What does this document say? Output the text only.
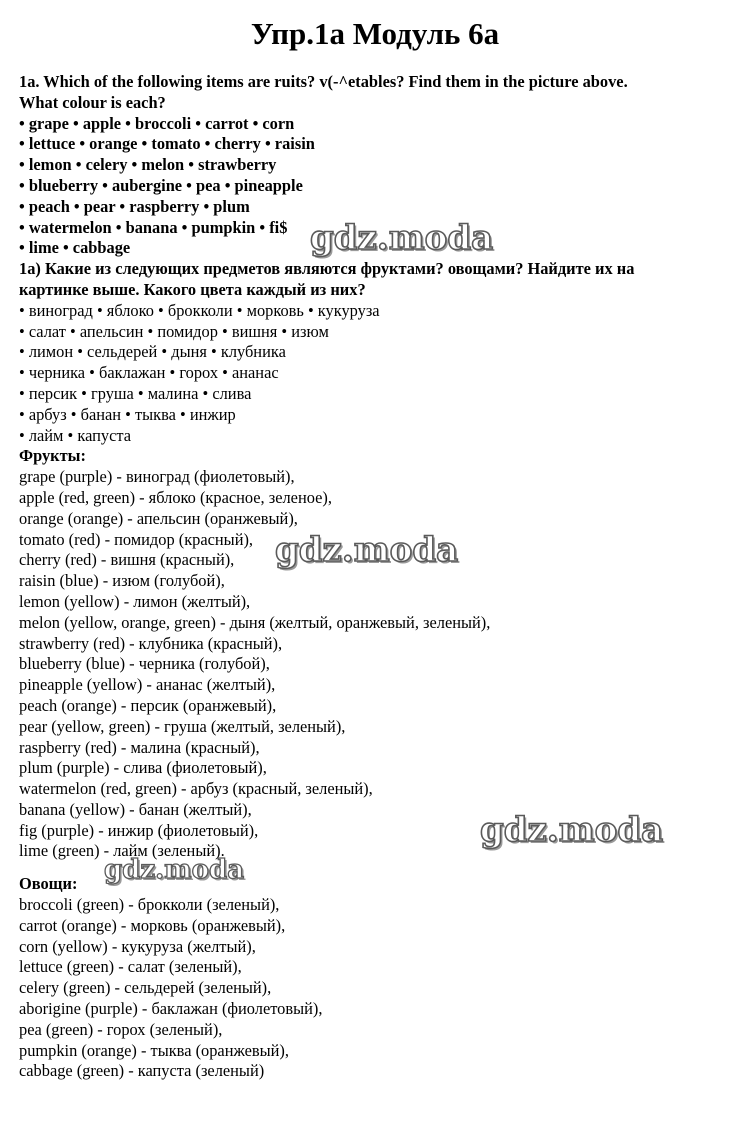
Упр.1a Модуль 6a
1a. Which of the following items are ruits? v(-^etables? Find them in the picture above.
What colour is each?
• grape • apple • broccoli • carrot • corn
• lettuce • orange • tomato • cherry • raisin
• lemon • celery • melon • strawberry
• blueberry • aubergine • pea • pineapple
• peach • pear • raspberry • plum
• watermelon • banana • pumpkin • fi$
• lime • cabbage
1а) Какие из следующих предметов являются фруктами? овощами? Найдите их на
картинке выше. Какого цвета каждый из них?
• виноград • яблоко • брокколи • морковь • кукуруза
• салат • апельсин • помидор • вишня • изюм
• лимон • сельдерей • дыня • клубника
• черника • баклажан • горох • ананас
• персик • груша • малина • слива
• арбуз • банан • тыква • инжир
• лайм • капуста
Фрукты:
grape (purple) - виноград (фиолетовый),
apple (red, green) - яблоко (красное, зеленое),
orange (orange) - апельсин (оранжевый),
tomato (red) - помидор (красный),
cherry (red) - вишня (красный),
raisin (blue) - изюм (голубой),
lemon (yellow) - лимон (желтый),
melon (yellow, orange, green) - дыня (желтый, оранжевый, зеленый),
strawberry (red) - клубника (красный),
blueberry (blue) - черника (голубой),
pineapple (yellow) - ананас (желтый),
peach (orange) - персик (оранжевый),
pear (yellow, green) - груша (желтый, зеленый),
raspberry (red) - малина (красный),
plum (purple) - слива (фиолетовый),
watermelon (red, green) - арбуз (красный, зеленый),
banana (yellow) - банан (желтый),
fig (purple) - инжир (фиолетовый),
lime (green) - лайм (зеленый).
Овощи:
broccoli (green) - брокколи (зеленый),
carrot (orange) - морковь (оранжевый),
corn (yellow) - кукуруза (желтый),
lettuce (green) - салат (зеленый),
celery (green) - сельдерей (зеленый),
aborigine (purple) - баклажан (фиолетовый),
pea (green) - горох (зеленый),
pumpkin (orange) - тыква (оранжевый),
cabbage (green) - капуста (зеленый)
gdz.moda
gdz.moda
gdz.moda
gdz.moda
